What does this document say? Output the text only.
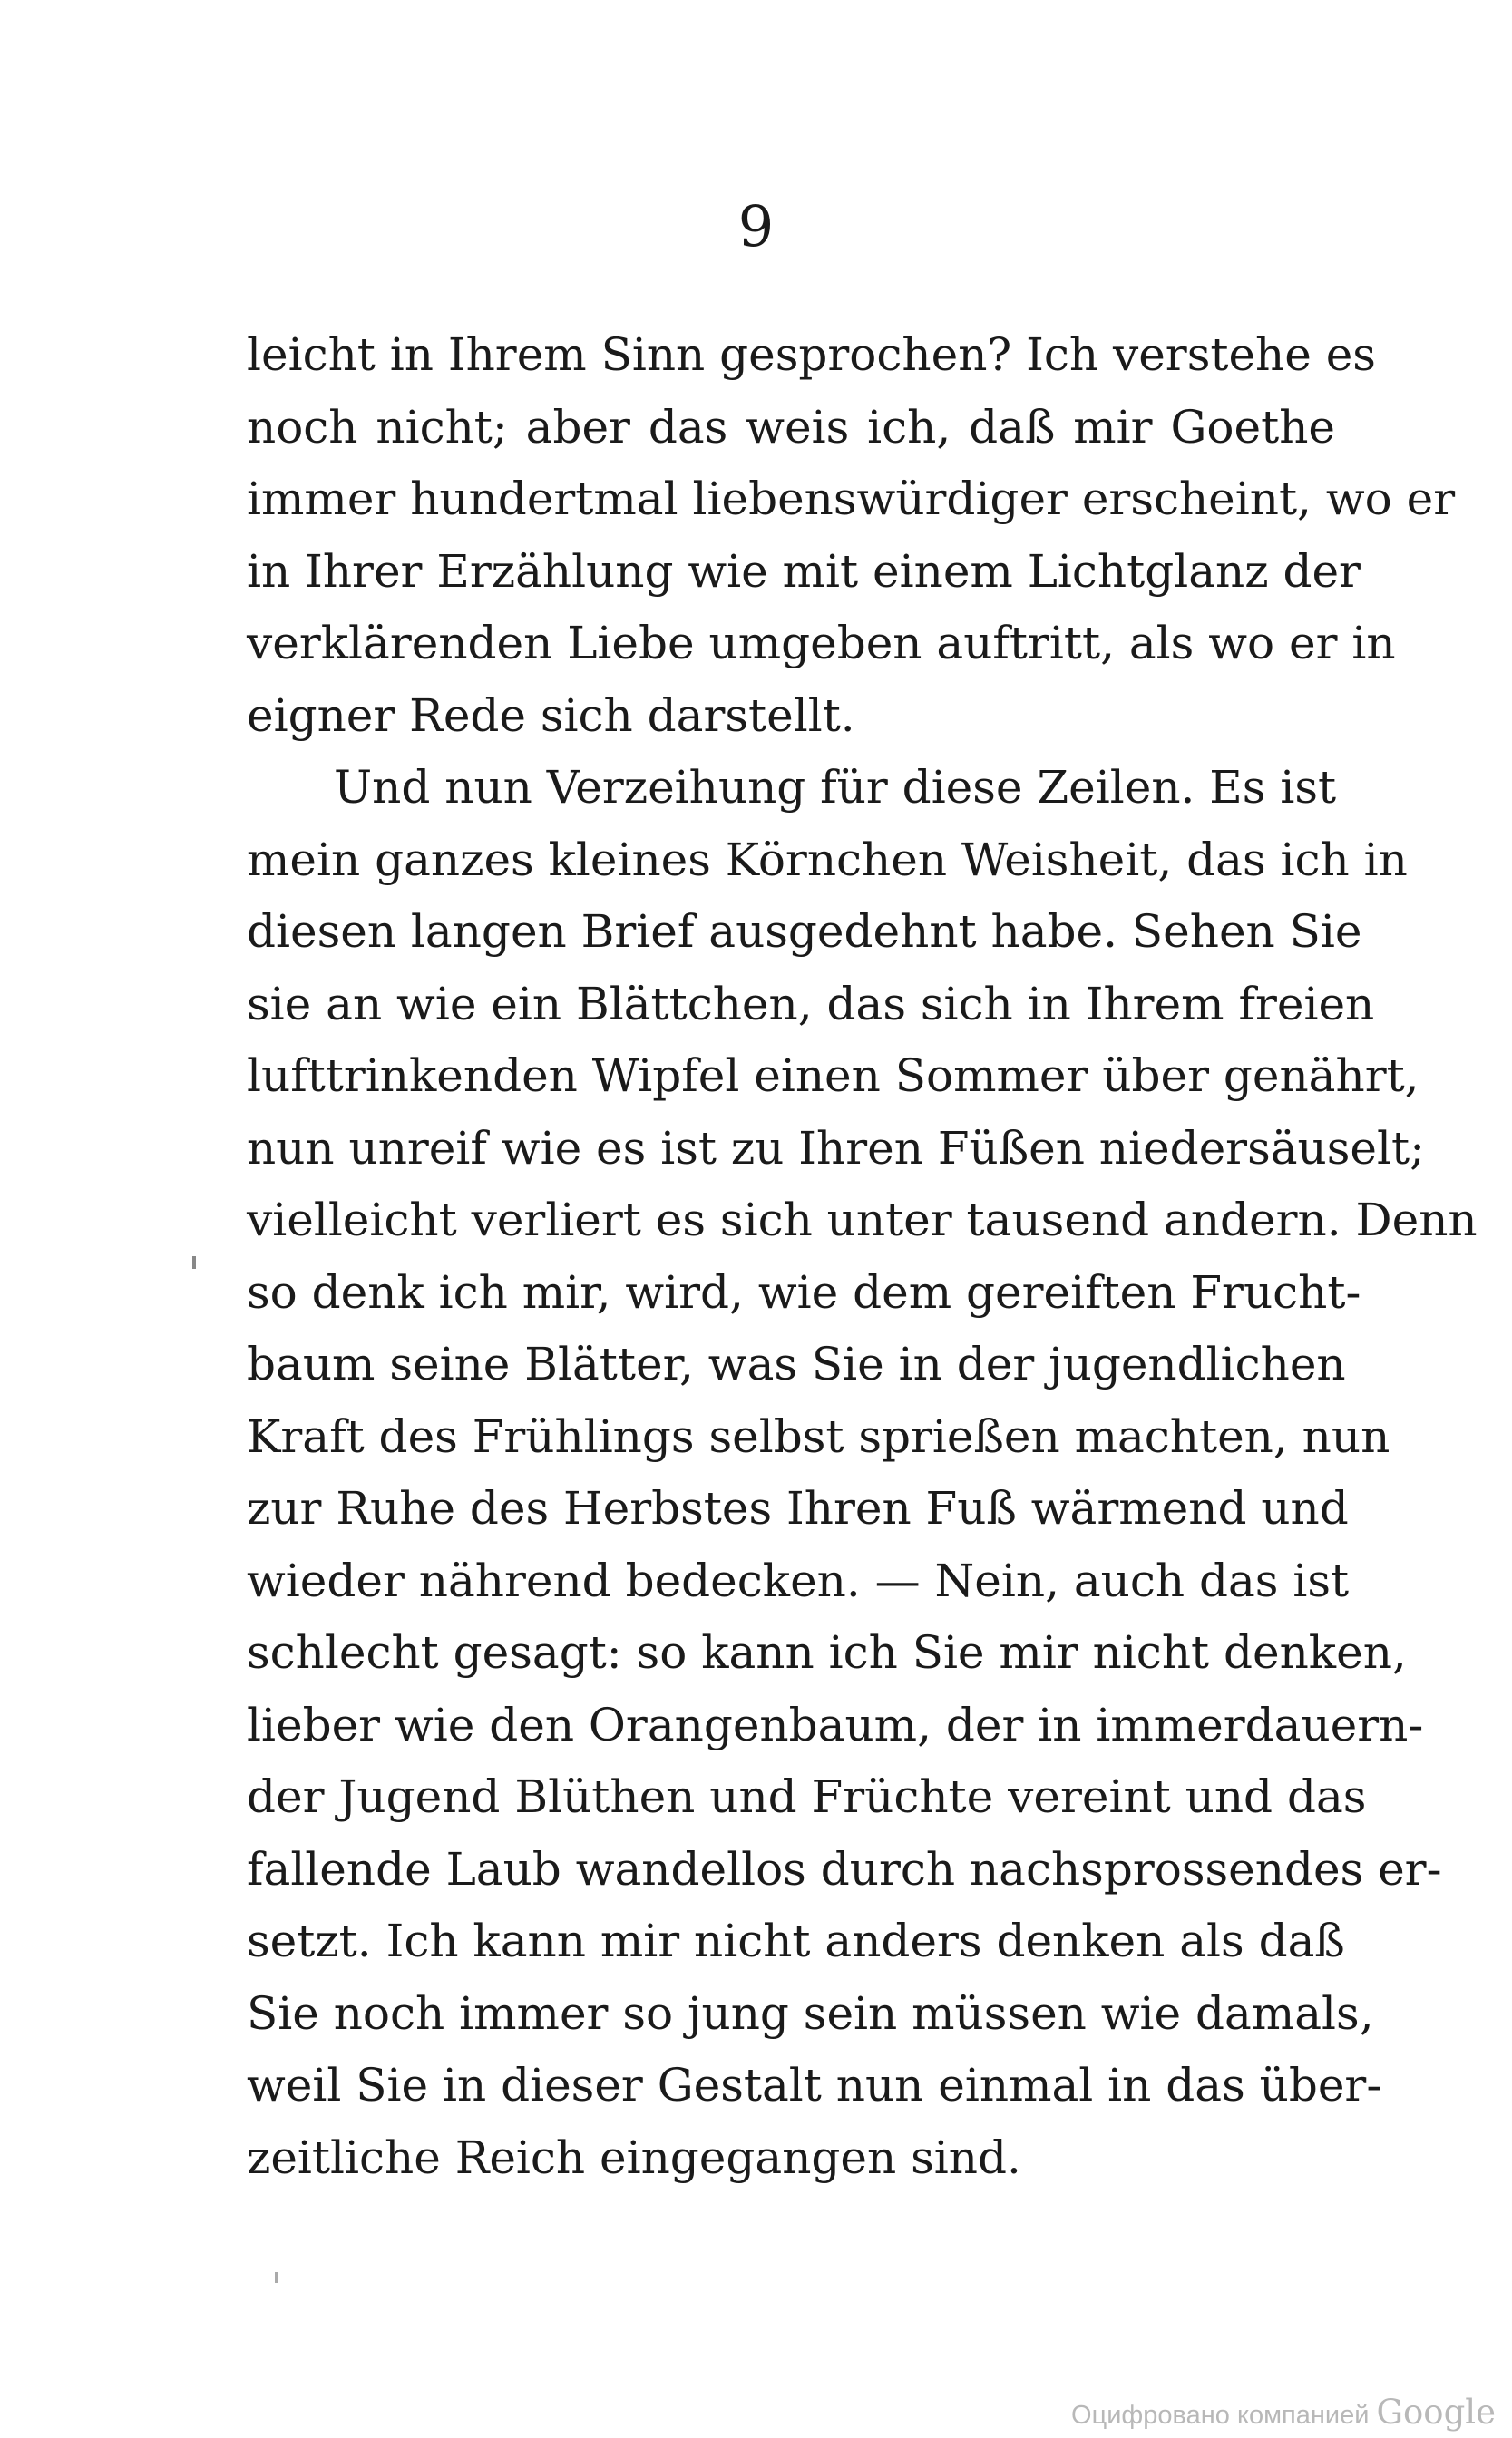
9
leicht in Ihrem Sinn gesprochen? Ich verstehe es
noch nicht; aber das weis ich, daß mir Goethe
immer hundertmal liebenswürdiger erscheint, wo er
in Ihrer Erzählung wie mit einem Lichtglanz der
verklärenden Liebe umgeben auftritt, als wo er in
eigner Rede sich darstellt.
Und nun Verzeihung für diese Zeilen. Es ist
mein ganzes kleines Körnchen Weisheit, das ich in
diesen langen Brief ausgedehnt habe. Sehen Sie
sie an wie ein Blättchen, das sich in Ihrem freien
lufttrinkenden Wipfel einen Sommer über genährt,
nun unreif wie es ist zu Ihren Füßen niedersäuselt;
vielleicht verliert es sich unter tausend andern. Denn
so denk ich mir, wird, wie dem gereiften Frucht-
baum seine Blätter, was Sie in der jugendlichen
Kraft des Frühlings selbst sprießen machten, nun
zur Ruhe des Herbstes Ihren Fuß wärmend und
wieder nährend bedecken. — Nein, auch das ist
schlecht gesagt: so kann ich Sie mir nicht denken,
lieber wie den Orangenbaum, der in immerdauern-
der Jugend Blüthen und Früchte vereint und das
fallende Laub wandellos durch nachsprossendes er-
setzt. Ich kann mir nicht anders denken als daß
Sie noch immer so jung sein müssen wie damals,
weil Sie in dieser Gestalt nun einmal in das über-
zeitliche Reich eingegangen sind.
Оцифровано компанией Google
